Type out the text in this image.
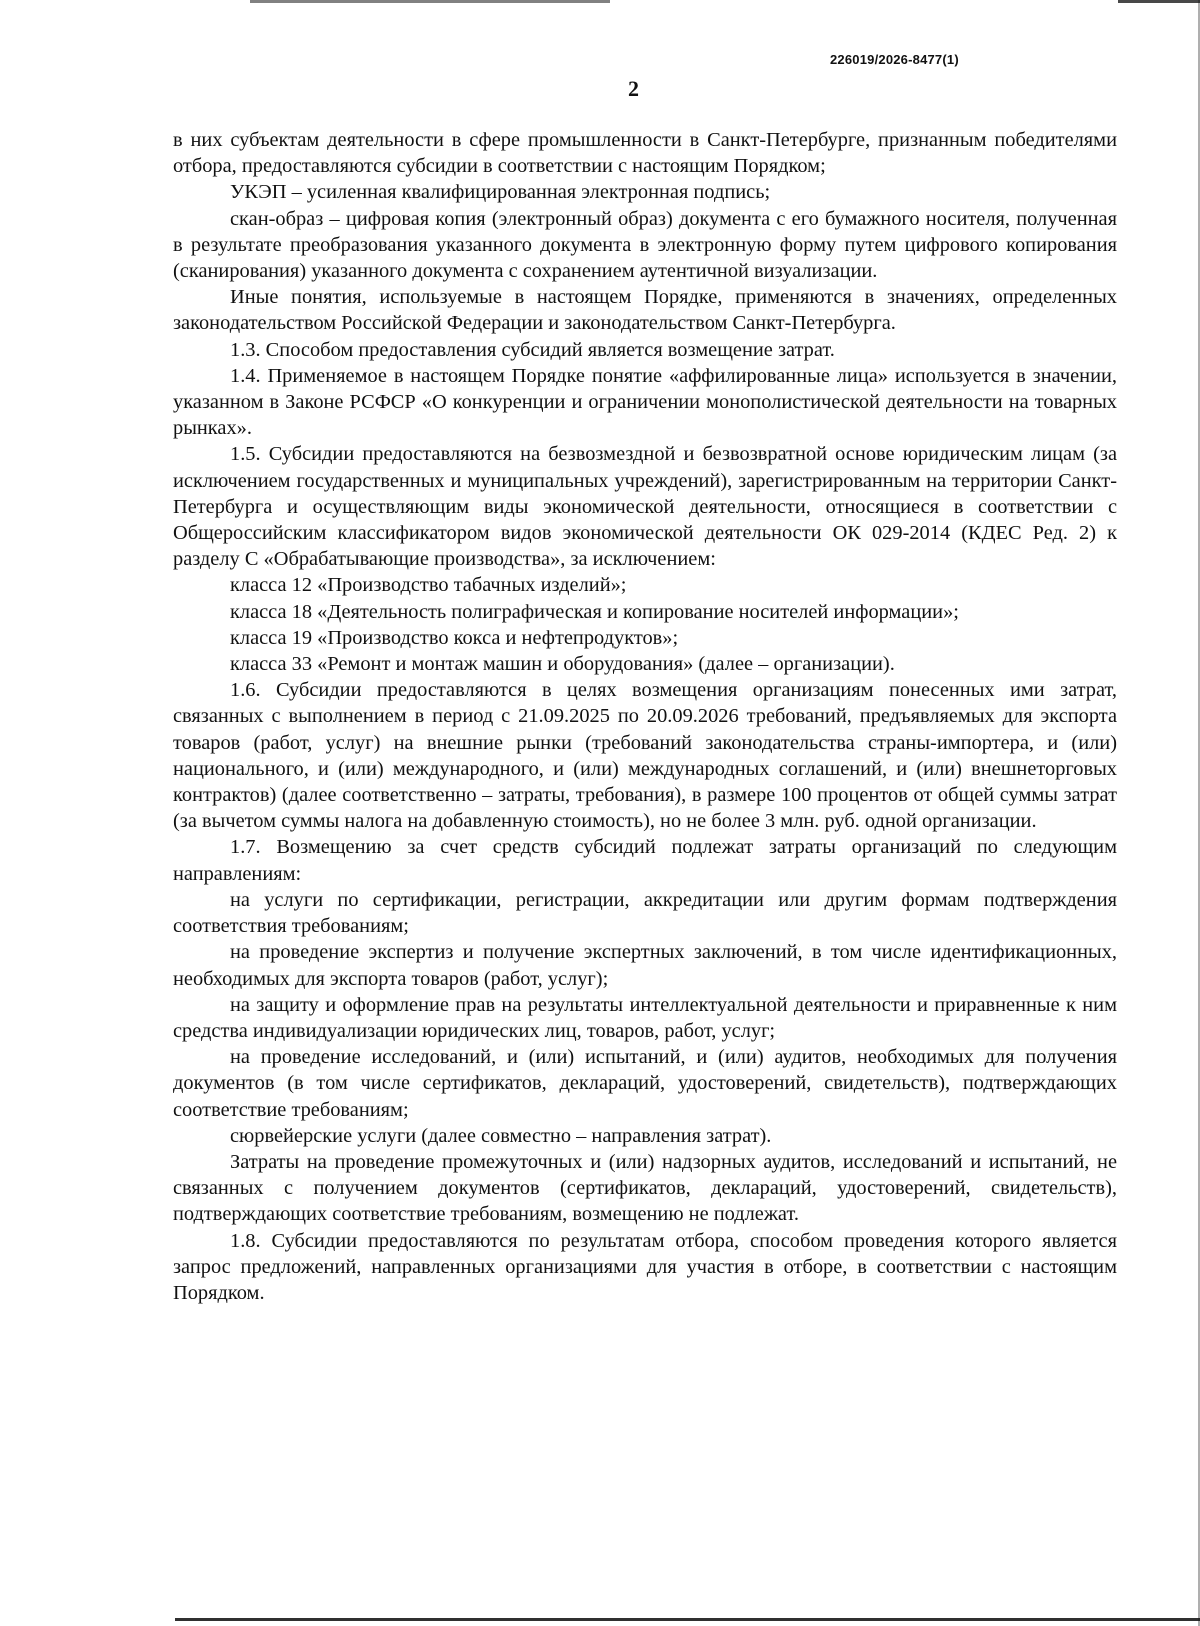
226019/2026-8477(1)
2

в них субъектам деятельности в сфере промышленности в Санкт-Петербурге, признанным победителями отбора, предоставляются субсидии в соответствии с настоящим Порядком;

УКЭП – усиленная квалифицированная электронная подпись;

скан-образ – цифровая копия (электронный образ) документа с его бумажного носителя, полученная в результате преобразования указанного документа в электронную форму путем цифрового копирования (сканирования) указанного документа с сохранением аутентичной визуализации.

Иные понятия, используемые в настоящем Порядке, применяются в значениях, определенных законодательством Российской Федерации и законодательством Санкт-Петербурга.

1.3. Способом предоставления субсидий является возмещение затрат.

1.4. Применяемое в настоящем Порядке понятие «аффилированные лица» используется в значении, указанном в Законе РСФСР «О конкуренции и ограничении монополистической деятельности на товарных рынках».

1.5. Субсидии предоставляются на безвозмездной и безвозвратной основе юридическим лицам (за исключением государственных и муниципальных учреждений), зарегистрированным на территории Санкт-Петербурга и осуществляющим виды экономической деятельности, относящиеся в соответствии с Общероссийским классификатором видов экономической деятельности ОК 029-2014 (КДЕС Ред. 2) к разделу C «Обрабатывающие производства», за исключением:

класса 12 «Производство табачных изделий»;

класса 18 «Деятельность полиграфическая и копирование носителей информации»;

класса 19 «Производство кокса и нефтепродуктов»;

класса 33 «Ремонт и монтаж машин и оборудования» (далее – организации).

1.6. Субсидии предоставляются в целях возмещения организациям понесенных ими затрат, связанных с выполнением в период с 21.09.2025 по 20.09.2026 требований, предъявляемых для экспорта товаров (работ, услуг) на внешние рынки (требований законодательства страны-импортера, и (или) национального, и (или) международного, и (или) международных соглашений, и (или) внешнеторговых контрактов) (далее соответственно – затраты, требования), в размере 100 процентов от общей суммы затрат (за вычетом суммы налога на добавленную стоимость), но не более 3 млн. руб. одной организации.

1.7. Возмещению за счет средств субсидий подлежат затраты организаций по следующим направлениям:

на услуги по сертификации, регистрации, аккредитации или другим формам подтверждения соответствия требованиям;

на проведение экспертиз и получение экспертных заключений, в том числе идентификационных, необходимых для экспорта товаров (работ, услуг);

на защиту и оформление прав на результаты интеллектуальной деятельности и приравненные к ним средства индивидуализации юридических лиц, товаров, работ, услуг;

на проведение исследований, и (или) испытаний, и (или) аудитов, необходимых для получения документов (в том числе сертификатов, деклараций, удостоверений, свидетельств), подтверждающих соответствие требованиям;

сюрвейерские услуги (далее совместно – направления затрат).

Затраты на проведение промежуточных и (или) надзорных аудитов, исследований и испытаний, не связанных с получением документов (сертификатов, деклараций, удостоверений, свидетельств), подтверждающих соответствие требованиям, возмещению не подлежат.

1.8. Субсидии предоставляются по результатам отбора, способом проведения которого является запрос предложений, направленных организациями для участия в отборе, в соответствии с настоящим Порядком.
